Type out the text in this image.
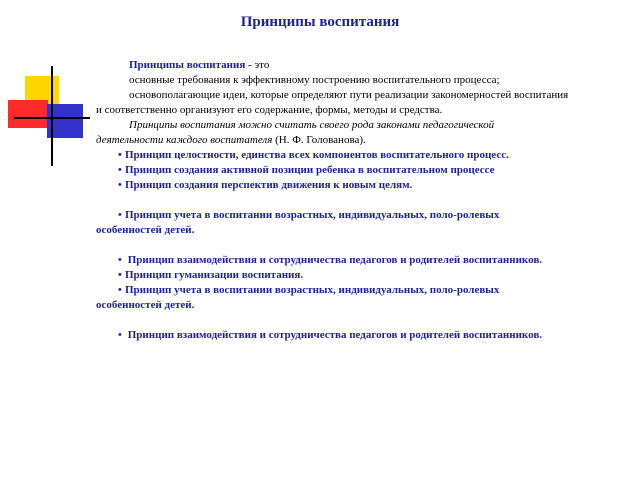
Принципы воспитания

Принципы воспитания - это

основные требования к эффективному построению воспитательного процесса;

основополагающие идеи, которые определяют пути реализации закономерностей воспитания

и соответственно организуют его содержание, формы, методы и средства.

Принципы воспитания можно считать своего рода законами педагогической

деятельности каждого воспитателя (Н. Ф. Голованова).

• Принцип целостности, единства всех компонентов воспитательного процесс.

• Принцип создания активной позиции ребенка в воспитательном процессе

• Принцип создания перспектив движения к новым целям.

• Принцип учета в воспитании возрастных, индивидуальных, поло-ролевых

особенностей детей.

• Принцип взаимодействия и сотрудничества педагогов и родителей воспитанников.

• Принцип гуманизации воспитания.

• Принцип учета в воспитании возрастных, индивидуальных, поло-ролевых

особенностей детей.

• Принцип взаимодействия и сотрудничества педагогов и родителей воспитанников.
